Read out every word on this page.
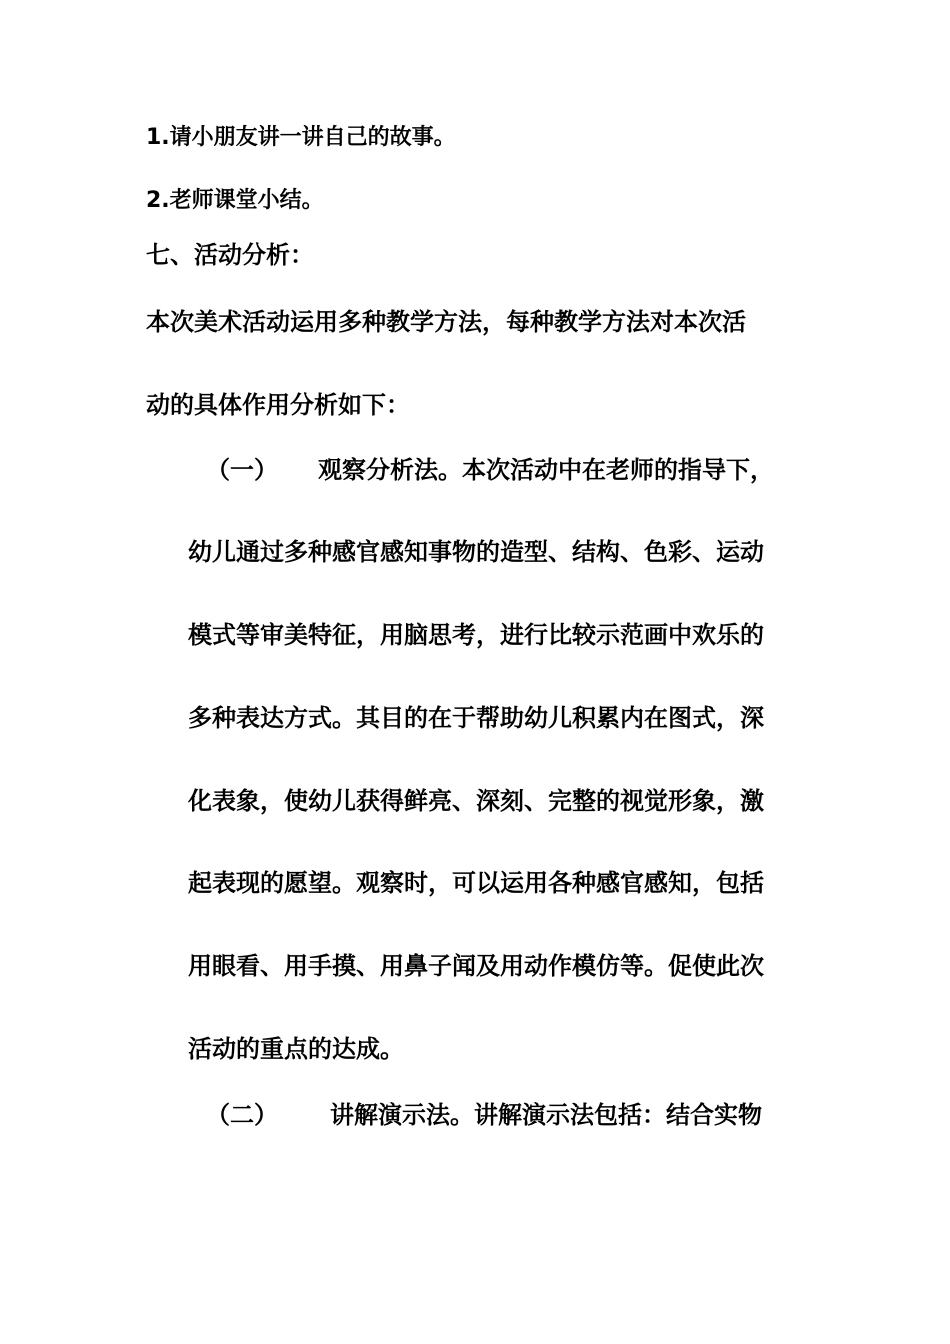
1.请小朋友讲一讲自己的故事。
2.老师课堂小结。
七、活动分析：
本次美术活动运用多种教学方法，每种教学方法对本次活
动的具体作用分析如下：
（一） 观察分析法。本次活动中在老师的指导下，
幼儿通过多种感官感知事物的造型、结构、色彩、运动
模式等审美特征，用脑思考，进行比较示范画中欢乐的
多种表达方式。其目的在于帮助幼儿积累内在图式，深
化表象，使幼儿获得鲜亮、深刻、完整的视觉形象，激
起表现的愿望。观察时，可以运用各种感官感知，包括
用眼看、用手摸、用鼻子闻及用动作模仿等。促使此次
活动的重点的达成。
（二） 讲解演示法。讲解演示法包括：结合实物
